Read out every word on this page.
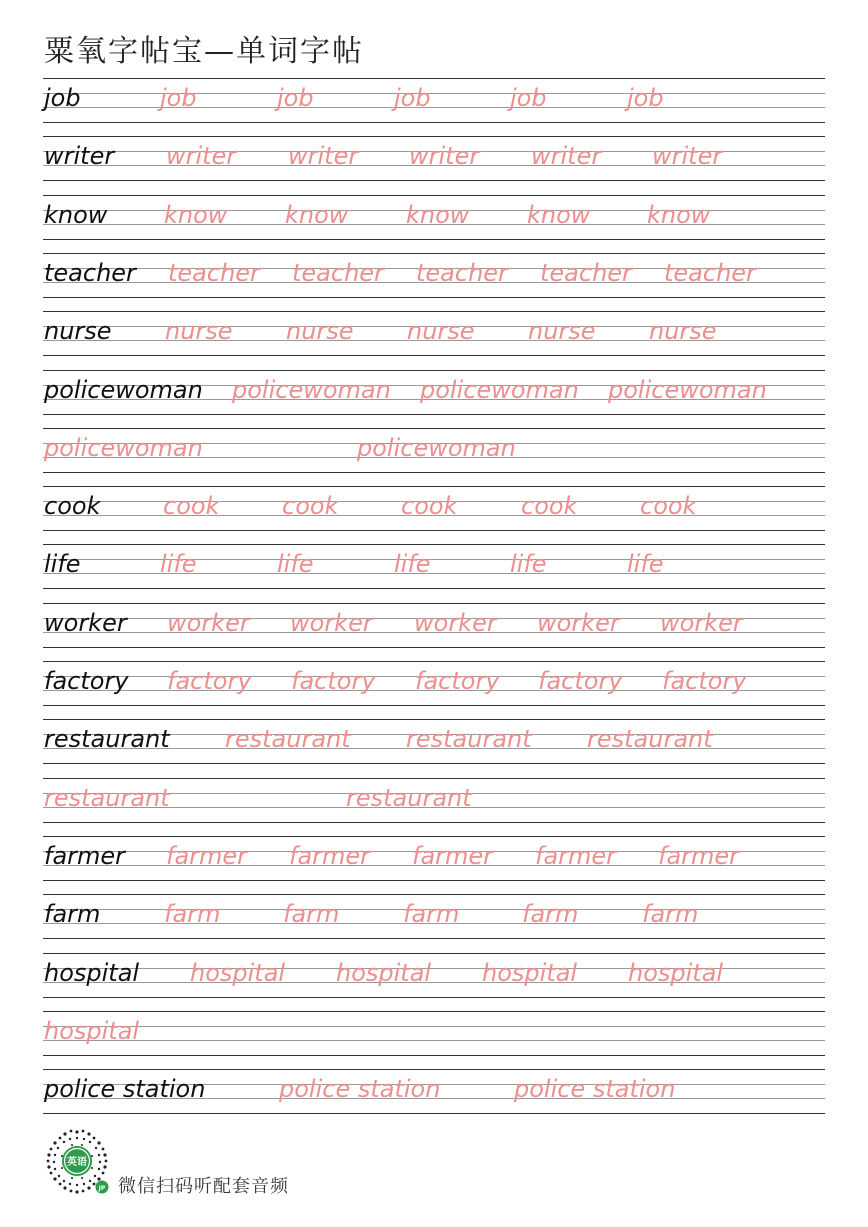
粟氧字帖宝—单词字帖
job	job	job	job	job	job
writer writer writer writer writer writer
know know know know know know
teacher teacher teacher teacher teacher teacher
nurse nurse nurse nurse nurse nurse
policewoman policewoman policewoman policewoman
policewoman	policewoman
cook	cook	cook	cook	cook	cook
life	life	life	life	life	life
worker worker worker worker worker worker
factory factory factory factory factory factory
restaurant restaurant restaurant restaurant
restaurant	restaurant
farmer farmer farmer farmer farmer farmer
farm	farm	farm	farm	farm	farm
hospital hospital hospital hospital hospital
hospital
police station	police station	police station
英语
JP 微信扫码听配套音频
